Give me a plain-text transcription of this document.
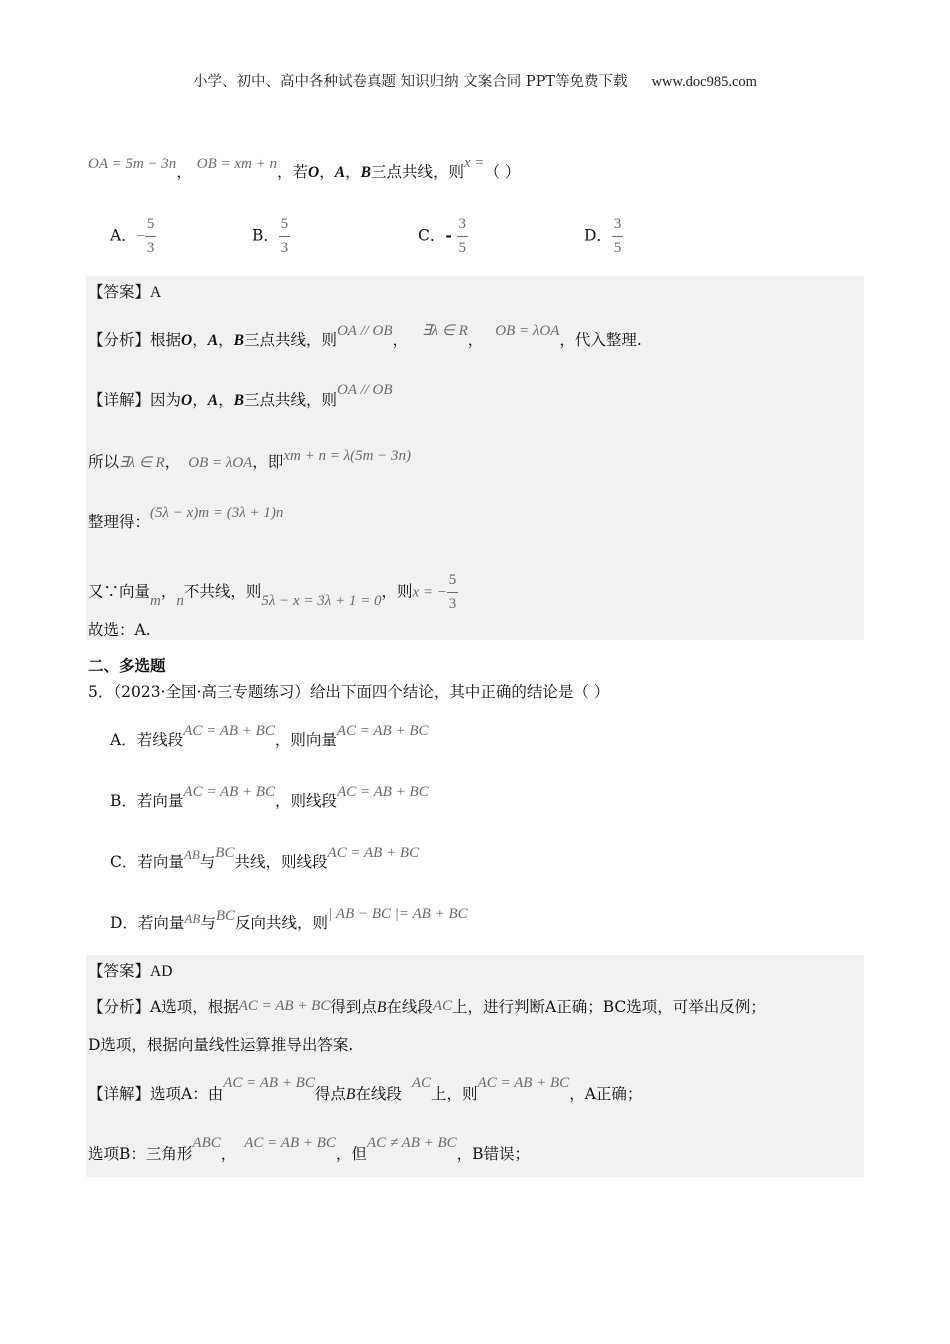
小学、初中、高中各种试卷真题 知识归纳 文案合同 PPT等免费下载 www.doc985.com
OA = 5m − 3n， OB = xm + n，若O，A，B三点共线，则x =（ ）
A．− $\frac{5}{3}$	B． $\frac{5}{3}$	C．- $\frac{3}{5}$	D． $\frac{3}{5}$
【答案】A
【分析】根据O，A，B三点共线，则OA // OB， ∃λ ∈ R， OB = λOA，代入整理.
【详解】因为O，A，B三点共线，则OA // OB
所以∃λ ∈ R， OB = λOA，即xm + n = λ(5m − 3n)
整理得：(5λ − x)m = (3λ + 1)n
又∵向量m，n不共线，则5λ − x = 3λ + 1 = 0，则x = − $\frac{5}{3}$
故选：A.
二、多选题
5．（2023·全国·高三专题练习）给出下面四个结论，其中正确的结论是（ ）
A．若线段AC = AB + BC，则向量AC = AB + BC
B．若向量AC = AB + BC，则线段AC = AB + BC
C．若向量$^{AB}$与BC共线，则线段AC = AB + BC
D．若向量$^{AB}$与BC反向共线，则| AB − BC |= AB + BC
【答案】AD
【分析】A选项，根据AC = AB + BC得到点B在线段AC上，进行判断A正确；BC选项，可举出反例；
D选项，根据向量线性运算推导出答案.
【详解】选项A：由AC = AB + BC得点B在线段AC上，则AC = AB + BC，A正确；
选项B：三角形ABC，AC = AB + BC，但AC ≠ AB + BC，B错误；
